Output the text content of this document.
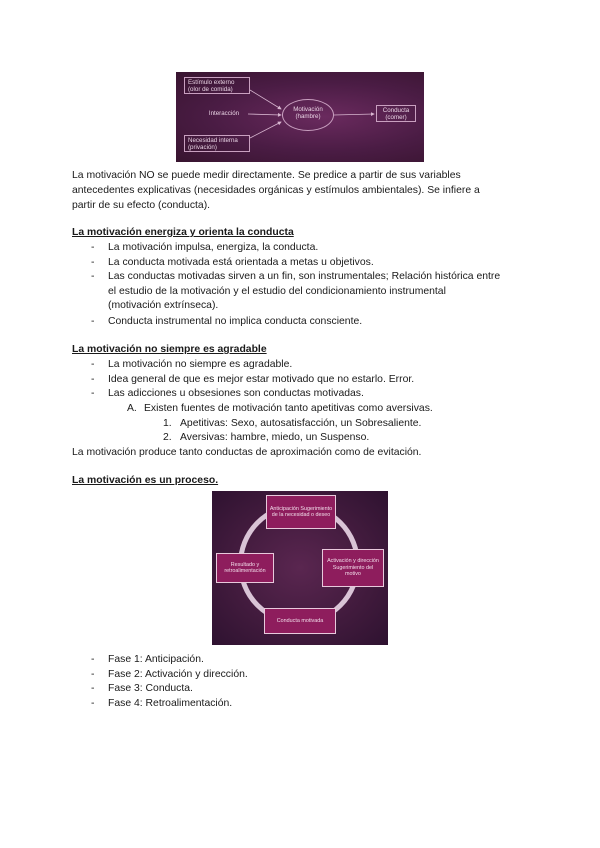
Estímulo externo
(olor de comida)
Interacción
Necesidad interna
(privación)
Motivación
(hambre)
Conducta
(comer)
La motivación NO se puede medir directamente. Se predice a partir de sus variables
antecedentes explicativas (necesidades orgánicas y estímulos ambientales). Se infiere a
partir de su efecto (conducta).
La motivación energiza y orienta la conducta
- La motivación impulsa, energiza, la conducta.
- La conducta motivada está orientada a metas u objetivos.
- Las conductas motivadas sirven a un fin, son instrumentales; Relación histórica entre
el estudio de la motivación y el estudio del condicionamiento instrumental
(motivación extrínseca).
- Conducta instrumental no implica conducta consciente.
La motivación no siempre es agradable
- La motivación no siempre es agradable.
- Idea general de que es mejor estar motivado que no estarlo. Error.
- Las adicciones u obsesiones son conductas motivadas.
A. Existen fuentes de motivación tanto apetitivas como aversivas.
1. Apetitivas: Sexo, autosatisfacción, un Sobresaliente.
2. Aversivas: hambre, miedo, un Suspenso.
La motivación produce tanto conductas de aproximación como de evitación.
La motivación es un proceso.
Anticipación Sugerimiento de la necesidad o deseo
Activación y dirección Sugerimiento del motivo
Conducta motivada
Resultado y retroalimentación
- Fase 1: Anticipación.
- Fase 2: Activación y dirección.
- Fase 3: Conducta.
- Fase 4: Retroalimentación.
